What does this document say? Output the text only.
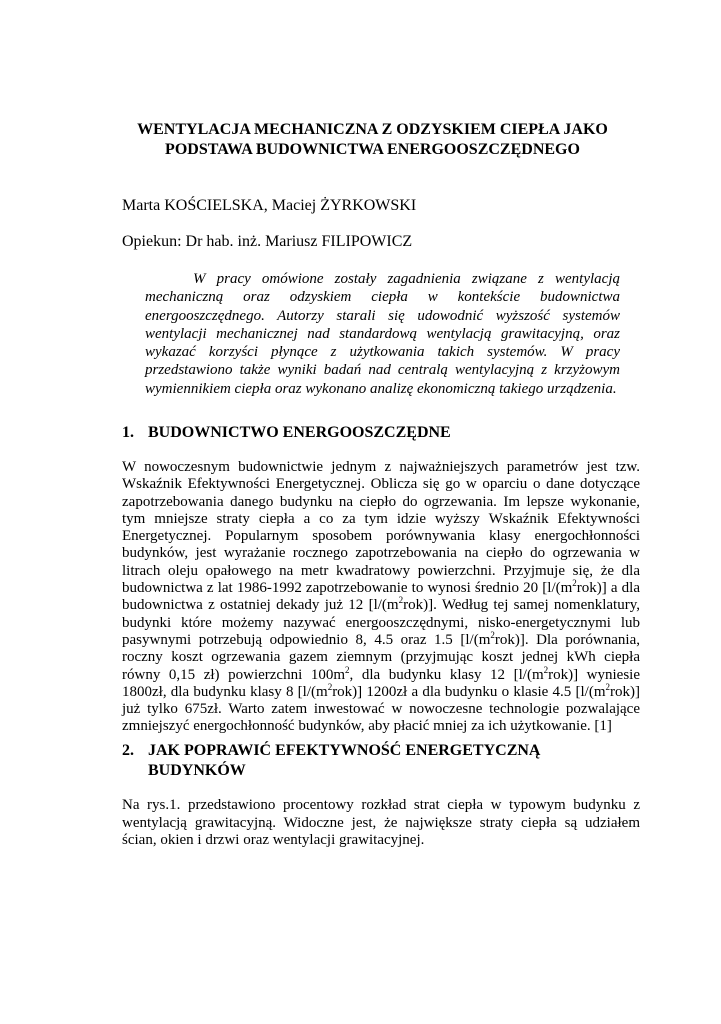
WENTYLACJA MECHANICZNA Z ODZYSKIEM CIEPŁA JAKO
PODSTAWA BUDOWNICTWA ENERGOOSZCZĘDNEGO
Marta KOŚCIELSKA, Maciej ŻYRKOWSKI
Opiekun: Dr hab. inż. Mariusz FILIPOWICZ

W pracy omówione zostały zagadnienia związane z wentylacją mechaniczną oraz odzyskiem ciepła w kontekście budownictwa energooszczędnego. Autorzy starali się udowodnić wyższość systemów wentylacji mechanicznej nad standardową wentylacją grawitacyjną, oraz wykazać korzyści płynące z użytkowania takich systemów. W pracy przedstawiono także wyniki badań nad centralą wentylacyjną z krzyżowym wymiennikiem ciepła oraz wykonano analizę ekonomiczną takiego urządzenia.

1. BUDOWNICTWO ENERGOOSZCZĘDNE

W nowoczesnym budownictwie jednym z najważniejszych parametrów jest tzw. Wskaźnik Efektywności Energetycznej. Oblicza się go w oparciu o dane dotyczące zapotrzebowania danego budynku na ciepło do ogrzewania. Im lepsze wykonanie, tym mniejsze straty ciepła a co za tym idzie wyższy Wskaźnik Efektywności Energetycznej. Popularnym sposobem porównywania klasy energochłonności budynków, jest wyrażanie rocznego zapotrzebowania na ciepło do ogrzewania w litrach oleju opałowego na metr kwadratowy powierzchni. Przyjmuje się, że dla budownictwa z lat 1986-1992 zapotrzebowanie to wynosi średnio 20 $[l/(m^2rok)]$ a dla budownictwa z ostatniej dekady już 12 $[l/(m^2rok)]$. Według tej samej nomenklatury, budynki które możemy nazywać energooszczędnymi, nisko-energetycznymi lub pasywnymi potrzebują odpowiednio 8, 4.5 oraz 1.5 $[l/(m^2rok)]$. Dla porównania, roczny koszt ogrzewania gazem ziemnym (przyjmując koszt jednej kWh ciepła równy 0,15 zł) powierzchni $100m^2$, dla budynku klasy 12 $[l/(m^2rok)]$ wyniesie 1800zł, dla budynku klasy 8 $[l/(m^2rok)]$ 1200zł a dla budynku o klasie 4.5 $[l/(m^2rok)]$ już tylko 675zł. Warto zatem inwestować w nowoczesne technologie pozwalające zmniejszyć energochłonność budynków, aby płacić mniej za ich użytkowanie. [1]

2. JAK POPRAWIĆ EFEKTYWNOŚĆ ENERGETYCZNĄ
BUDYNKÓW

Na rys.1. przedstawiono procentowy rozkład strat ciepła w typowym budynku z wentylacją grawitacyjną. Widoczne jest, że największe straty ciepła są udziałem ścian, okien i drzwi oraz wentylacji grawitacyjnej.
